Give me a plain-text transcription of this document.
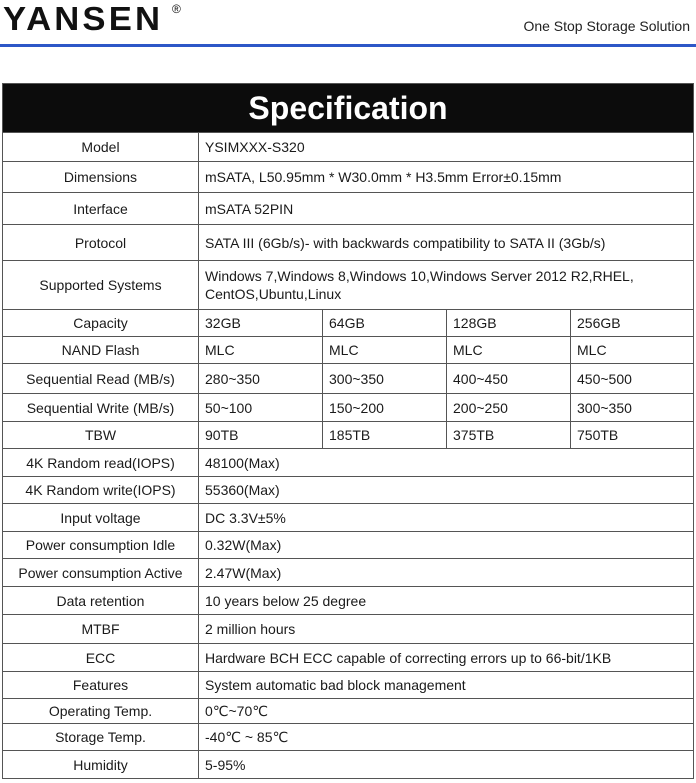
YANSEN ®
One Stop Storage Solution
Specification				
Model	YSIMXXX-S320			
Dimensions	mSATA, L50.95mm * W30.0mm * H3.5mm Error±0.15mm			
Interface	mSATA 52PIN			
Protocol	SATA III (6Gb/s)- with backwards compatibility to SATA II (3Gb/s)			
Supported Systems	Windows 7,Windows 8,Windows 10,Windows Server 2012 R2,RHEL, CentOS,Ubuntu,Linux			
Capacity	32GB	64GB	128GB	256GB
NAND Flash	MLC	MLC	MLC	MLC
Sequential Read (MB/s)	280~350	300~350	400~450	450~500
Sequential Write (MB/s)	50~100	150~200	200~250	300~350
TBW	90TB	185TB	375TB	750TB
4K Random read(IOPS)	48100(Max)			
4K Random write(IOPS)	55360(Max)			
Input voltage	DC 3.3V±5%			
Power consumption Idle	0.32W(Max)			
Power consumption Active	2.47W(Max)			
Data retention	10 years below 25 degree			
MTBF	2 million hours			
ECC	Hardware BCH ECC capable of correcting errors up to 66-bit/1KB			
Features	System automatic bad block management			
Operating Temp.	0℃~70℃			
Storage Temp.	-40℃ ~ 85℃			
Humidity	5-95%			
